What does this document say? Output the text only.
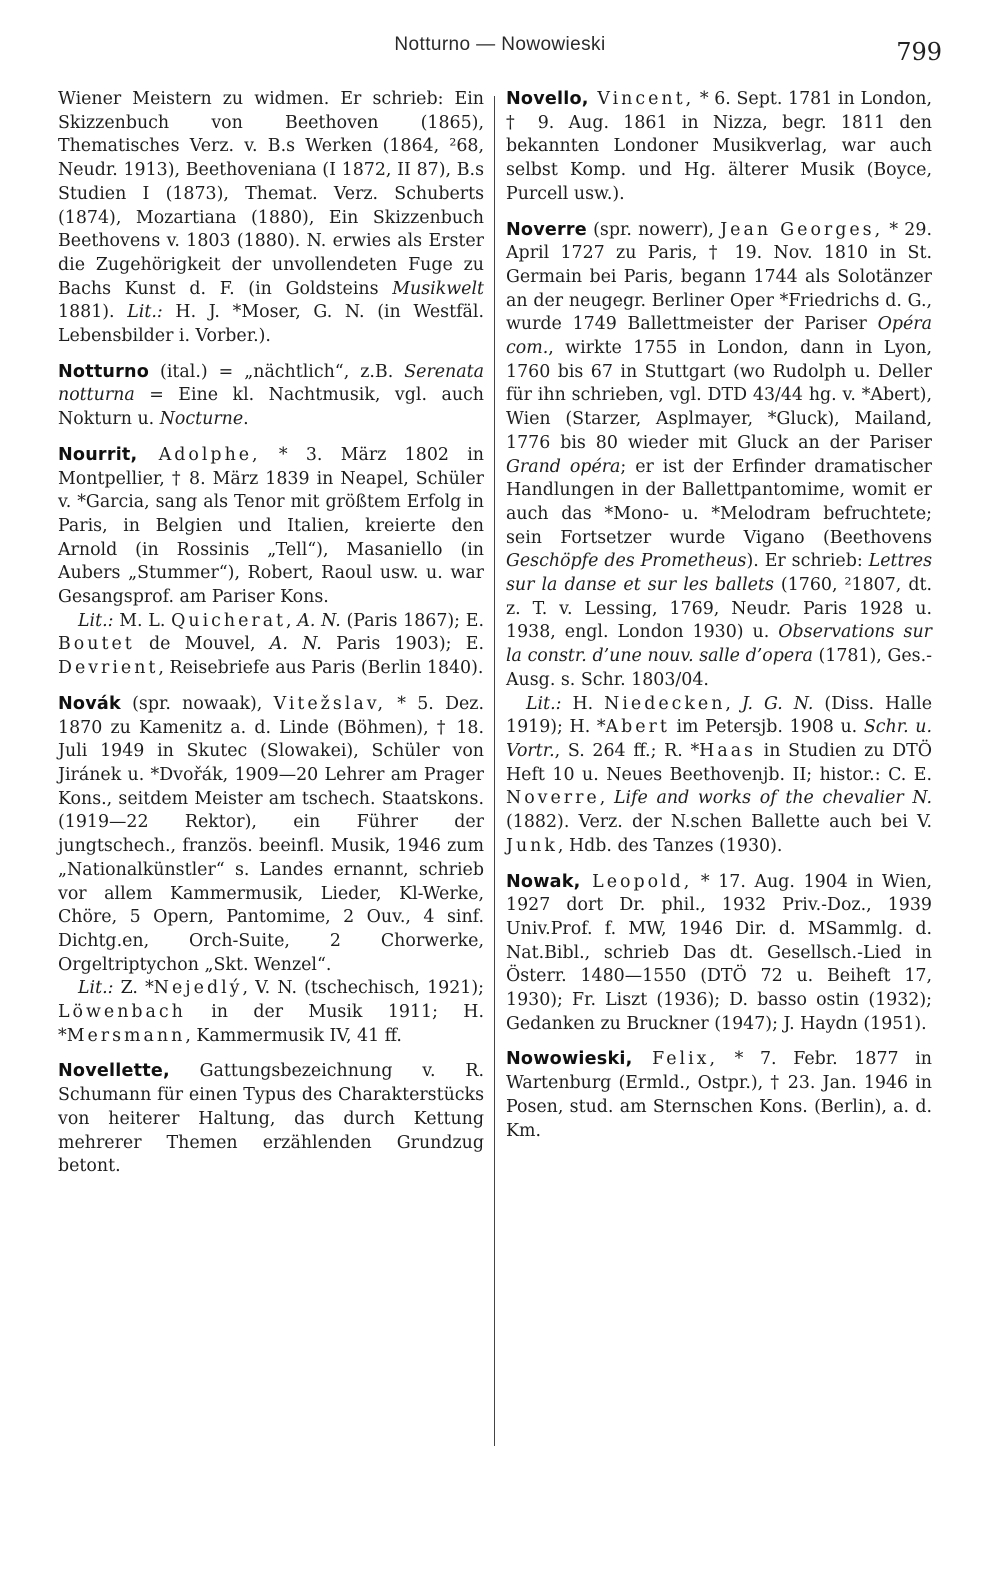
Notturno — Nowowieski	799

Wiener Meistern zu widmen. Er schrieb: Ein Skizzenbuch von Beethoven (1865), Thematisches Verz. v. B.s Werken (1864, ²68, Neudr. 1913), Beethoveniana (I 1872, II 87), B.s Studien I (1873), Themat. Verz. Schuberts (1874), Mozartiana (1880), Ein Skizzenbuch Beethovens v. 1803 (1880). N. erwies als Erster die Zugehörigkeit der unvollendeten Fuge zu Bachs Kunst d. F. (in Goldsteins Musikwelt 1881). Lit.: H. J. *Moser, G. N. (in Westfäl. Lebensbilder i. Vorber.).

Notturno (ital.) = „nächtlich“, z.B. Serenata notturna = Eine kl. Nachtmusik, vgl. auch Nokturn u. Nocturne.

Nourrit, Adolphe, * 3. März 1802 in Montpellier, † 8. März 1839 in Neapel, Schüler v. *Garcia, sang als Tenor mit größtem Erfolg in Paris, in Belgien und Italien, kreierte den Arnold (in Rossinis „Tell“), Masaniello (in Aubers „Stummer“), Robert, Raoul usw. u. war Gesangsprof. am Pariser Kons.
Lit.: M. L. Quicherat, A. N. (Paris 1867); E. Boutet de Mouvel, A. N. Paris 1903); E. Devrient, Reisebriefe aus Paris (Berlin 1840).
Novák (spr. nowaak), Vitežslav, * 5. Dez. 1870 zu Kamenitz a. d. Linde (Böhmen), † 18. Juli 1949 in Skutec (Slowakei), Schüler von Jiránek u. *Dvořák, 1909—20 Lehrer am Prager Kons., seitdem Meister am tschech. Staatskons. (1919—22 Rektor), ein Führer der jungtschech., französ. beeinfl. Musik, 1946 zum „Nationalkünstler“ s. Landes ernannt, schrieb vor allem Kammermusik, Lieder, Kl-Werke, Chöre, 5 Opern, Pantomime, 2 Ouv., 4 sinf. Dichtg.en, Orch-Suite, 2 Chorwerke, Orgeltriptychon „Skt. Wenzel“.
Lit.: Z. *Nejedlý, V. N. (tschechisch, 1921); Löwenbach in der Musik 1911; H. *Mersmann, Kammermusik IV, 41 ff.

Novellette, Gattungsbezeichnung v. R. Schumann für einen Typus des Charakterstücks von heiterer Haltung, das durch Kettung mehrerer Themen erzählenden Grundzug betont.

Novello, Vincent, * 6. Sept. 1781 in London, † 9. Aug. 1861 in Nizza, begr. 1811 den bekannten Londoner Musikverlag, war auch selbst Komp. und Hg. älterer Musik (Boyce, Purcell usw.).

Noverre (spr. nowerr), Jean Georges, * 29. April 1727 zu Paris, † 19. Nov. 1810 in St. Germain bei Paris, begann 1744 als Solotänzer an der neugegr. Berliner Oper *Friedrichs d. G., wurde 1749 Ballettmeister der Pariser Opéra com., wirkte 1755 in London, dann in Lyon, 1760 bis 67 in Stuttgart (wo Rudolph u. Deller für ihn schrieben, vgl. DTD 43/44 hg. v. *Abert), Wien (Starzer, Asplmayer, *Gluck), Mailand, 1776 bis 80 wieder mit Gluck an der Pariser Grand opéra; er ist der Erfinder dramatischer Handlungen in der Ballettpantomime, womit er auch das *Mono- u. *Melodram befruchtete; sein Fortsetzer wurde Vigano (Beethovens Geschöpfe des Prometheus). Er schrieb: Lettres sur la danse et sur les ballets (1760, ²1807, dt. z. T. v. Lessing, 1769, Neudr. Paris 1928 u. 1938, engl. London 1930) u. Observations sur la constr. d’une nouv. salle d’opera (1781), Ges.-Ausg. s. Schr. 1803/04.
Lit.: H. Niedecken, J. G. N. (Diss. Halle 1919); H. *Abert im Petersjb. 1908 u. Schr. u. Vortr., S. 264 ff.; R. *Haas in Studien zu DTÖ Heft 10 u. Neues Beethovenjb. II; histor.: C. E. Noverre, Life and works of the chevalier N. (1882). Verz. der N.schen Ballette auch bei V. Junk, Hdb. des Tanzes (1930).

Nowak, Leopold, * 17. Aug. 1904 in Wien, 1927 dort Dr. phil., 1932 Priv.-Doz., 1939 Univ.Prof. f. MW, 1946 Dir. d. MSammlg. d. Nat.Bibl., schrieb Das dt. Gesellsch.-Lied in Österr. 1480—1550 (DTÖ 72 u. Beiheft 17, 1930); Fr. Liszt (1936); D. basso ostin (1932); Gedanken zu Bruckner (1947); J. Haydn (1951).

Nowowieski, Felix, * 7. Febr. 1877 in Wartenburg (Ermld., Ostpr.), † 23. Jan. 1946 in Posen, stud. am Sternschen Kons. (Berlin), a. d. Km.
